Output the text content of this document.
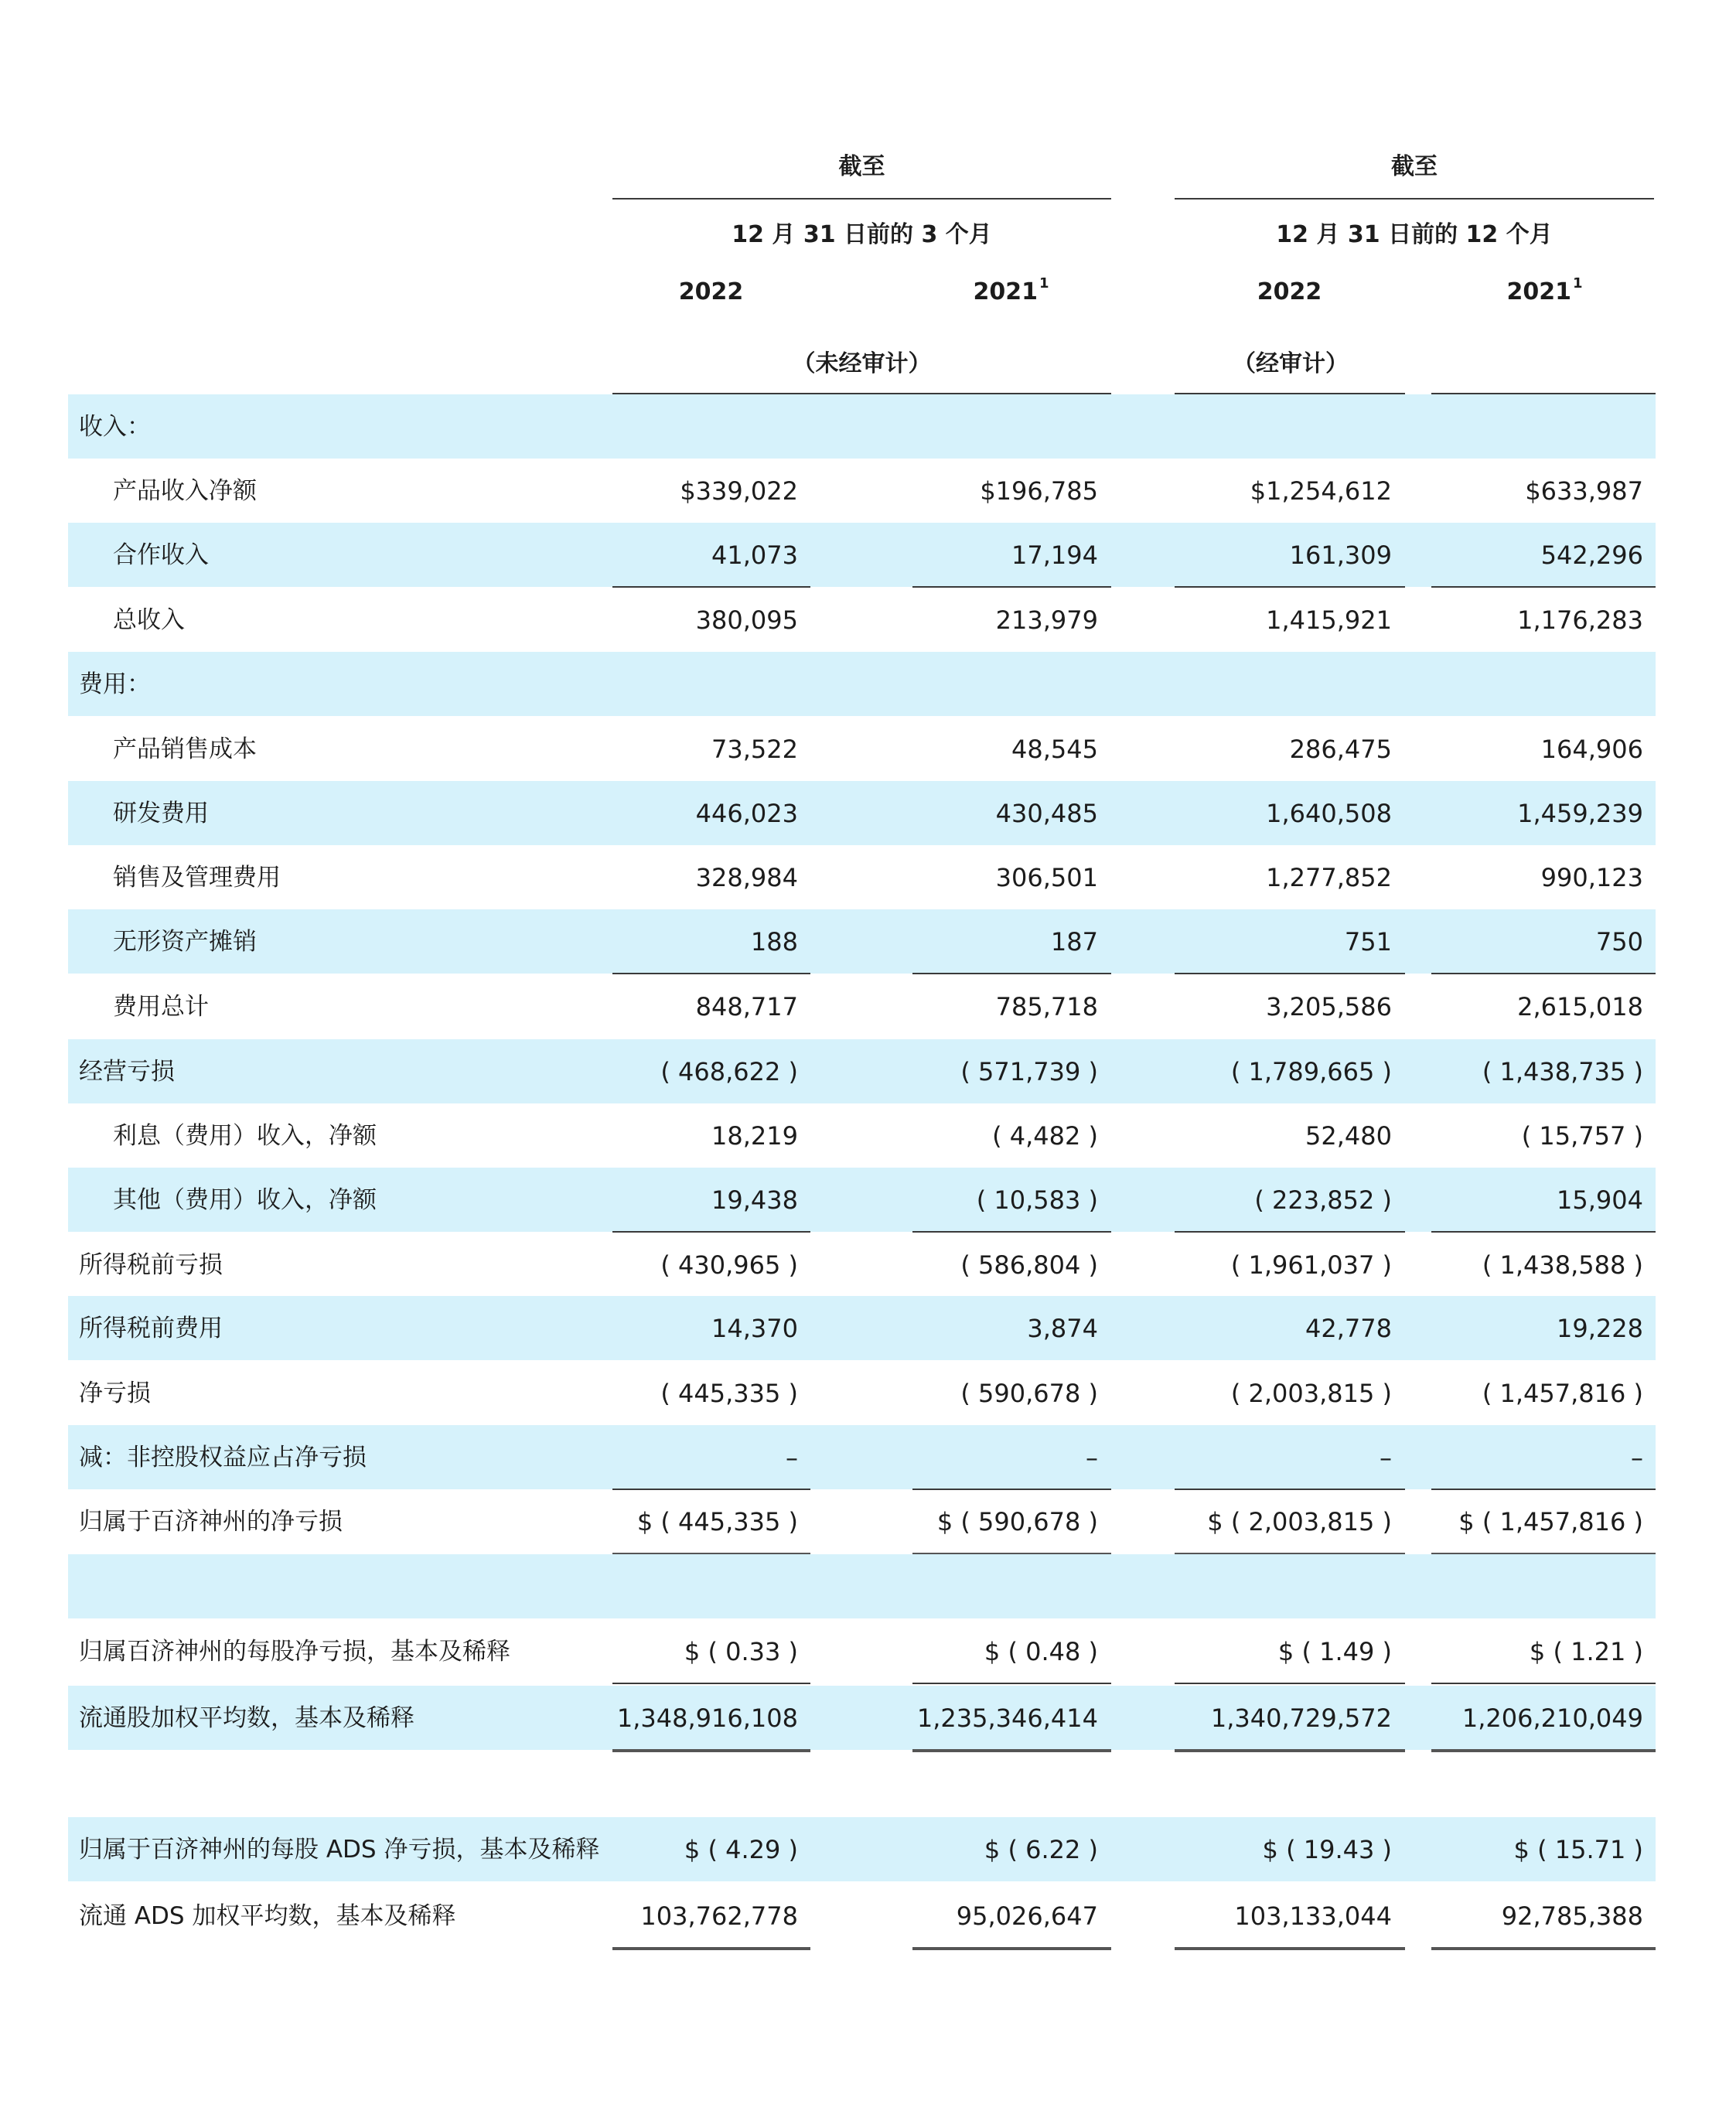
截至	截至
12 月 31 日前的 3 个月	12 月 31 日前的 12 个月
2022	2021 $^1$	2022	2021 $^1$
（未经审计）	（经审计）
收入：
产品收入净额	$339,022	$196,785	$1,254,612	$633,987
合作收入	41,073	17,194	161,309	542,296
总收入	380,095	213,979	1,415,921	1,176,283
费用：
产品销售成本	73,522	48,545	286,475	164,906
研发费用	446,023	430,485	1,640,508	1,459,239
销售及管理费用	328,984	306,501	1,277,852	990,123
无形资产摊销	188	187	751	750
费用总计	848,717	785,718	3,205,586	2,615,018
经营亏损	( 468,622 )	( 571,739 )	( 1,789,665 )	( 1,438,735 )
利息（费用）收入，净额	18,219	( 4,482 )	52,480	( 15,757 )
其他（费用）收入，净额	19,438	( 10,583 )	( 223,852 )	15,904
所得税前亏损	( 430,965 )	( 586,804 )	( 1,961,037 )	( 1,438,588 )
所得税前费用	14,370	3,874	42,778	19,228
净亏损	( 445,335 )	( 590,678 )	( 2,003,815 )	( 1,457,816 )
减：非控股权益应占净亏损	–	–	–	–
归属于百济神州的净亏损	$ ( 445,335 )	$ ( 590,678 )	$ ( 2,003,815 )	$ ( 1,457,816 )
归属百济神州的每股净亏损，基本及稀释	$ ( 0.33 )	$ ( 0.48 )	$ ( 1.49 )	$ ( 1.21 )
流通股加权平均数，基本及稀释	1,348,916,108	1,235,346,414	1,340,729,572	1,206,210,049
归属于百济神州的每股 ADS 净亏损，基本及稀释	$ ( 4.29 )	$ ( 6.22 )	$ ( 19.43 )	$ ( 15.71 )
流通 ADS 加权平均数，基本及稀释	103,762,778	95,026,647	103,133,044	92,785,388
